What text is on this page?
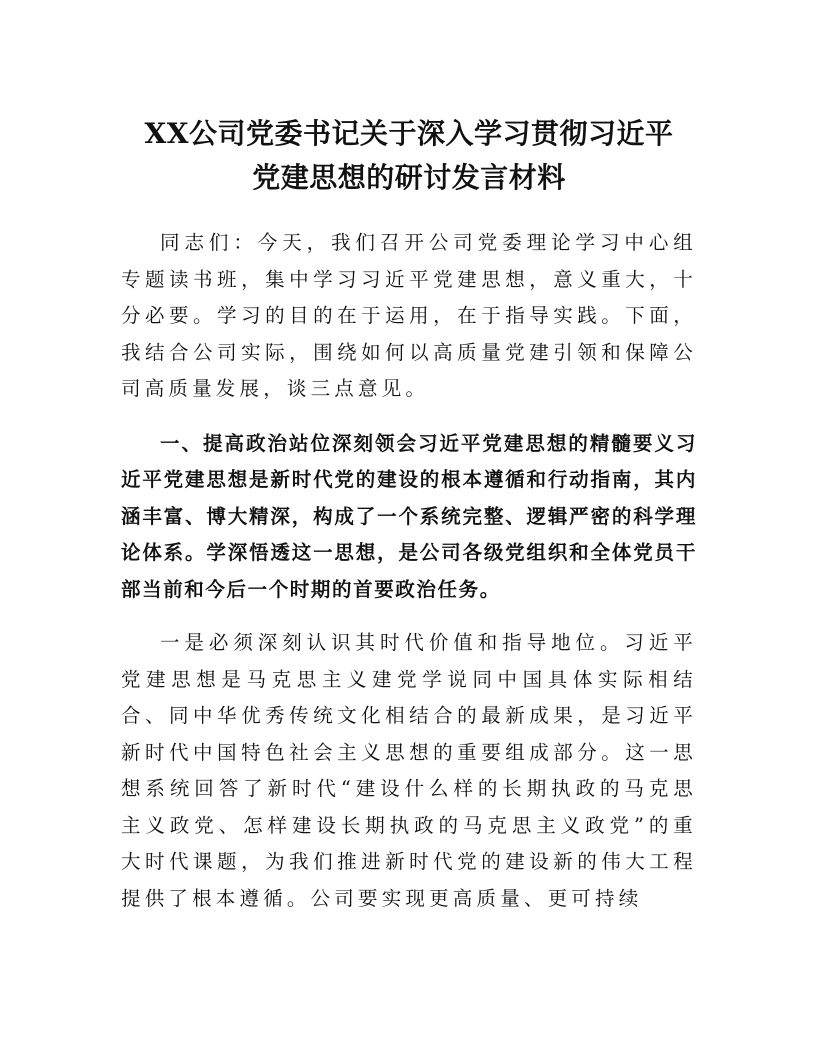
XX公司党委书记关于深入学习贯彻习近平
党建思想的研讨发言材料

同志们：今天，我们召开公司党委理论学习中心组专题读书班，集中学习习近平党建思想，意义重大，十分必要。学习的目的在于运用，在于指导实践。下面，我结合公司实际，围绕如何以高质量党建引领和保障公司高质量发展，谈三点意见。

一、提高政治站位深刻领会习近平党建思想的精髓要义习近平党建思想是新时代党的建设的根本遵循和行动指南，其内涵丰富、博大精深，构成了一个系统完整、逻辑严密的科学理论体系。学深悟透这一思想，是公司各级党组织和全体党员干部当前和今后一个时期的首要政治任务。

一是必须深刻认识其时代价值和指导地位。习近平党建思想是马克思主义建党学说同中国具体实际相结合、同中华优秀传统文化相结合的最新成果，是习近平新时代中国特色社会主义思想的重要组成部分。这一思想系统回答了新时代“建设什么样的长期执政的马克思主义政党、怎样建设长期执政的马克思主义政党”的重大时代课题，为我们推进新时代党的建设新的伟大工程提供了根本遵循。公司要实现更高质量、更可持续
